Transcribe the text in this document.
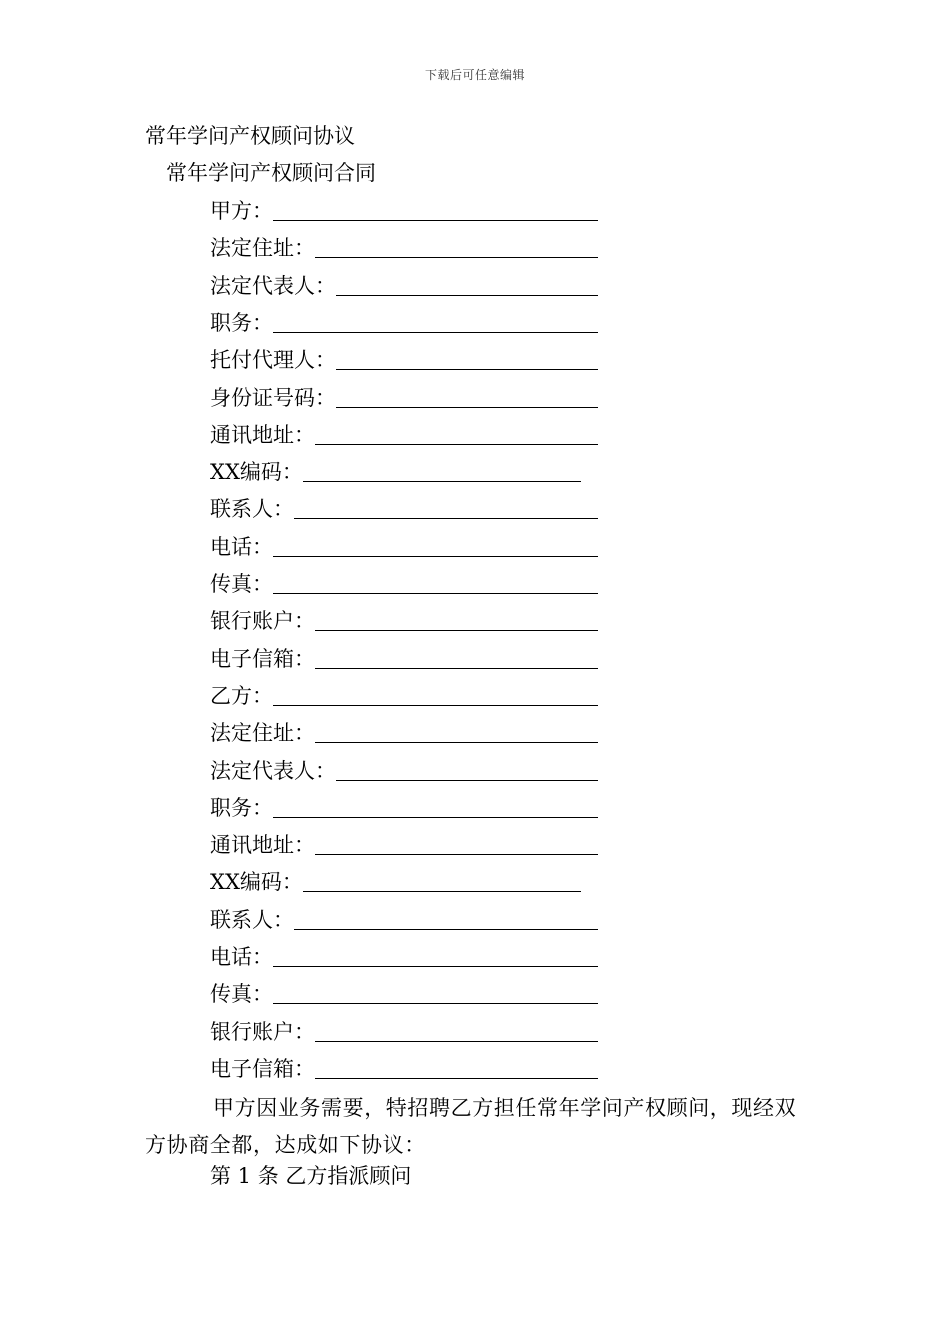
下载后可任意编辑
常年学问产权顾问协议
常年学问产权顾问合同
甲方：
法定住址：
法定代表人：
职务：
托付代理人：
身份证号码：
通讯地址：
XX编码：
联系人：
电话：
传真：
银行账户：
电子信箱：
乙方：
法定住址：
法定代表人：
职务：
通讯地址：
XX编码：
联系人：
电话：
传真：
银行账户：
电子信箱：
甲方因业务需要，特招聘乙方担任常年学问产权顾问，现经双方协商全都，达成如下协议：
第 1 条 乙方指派顾问
